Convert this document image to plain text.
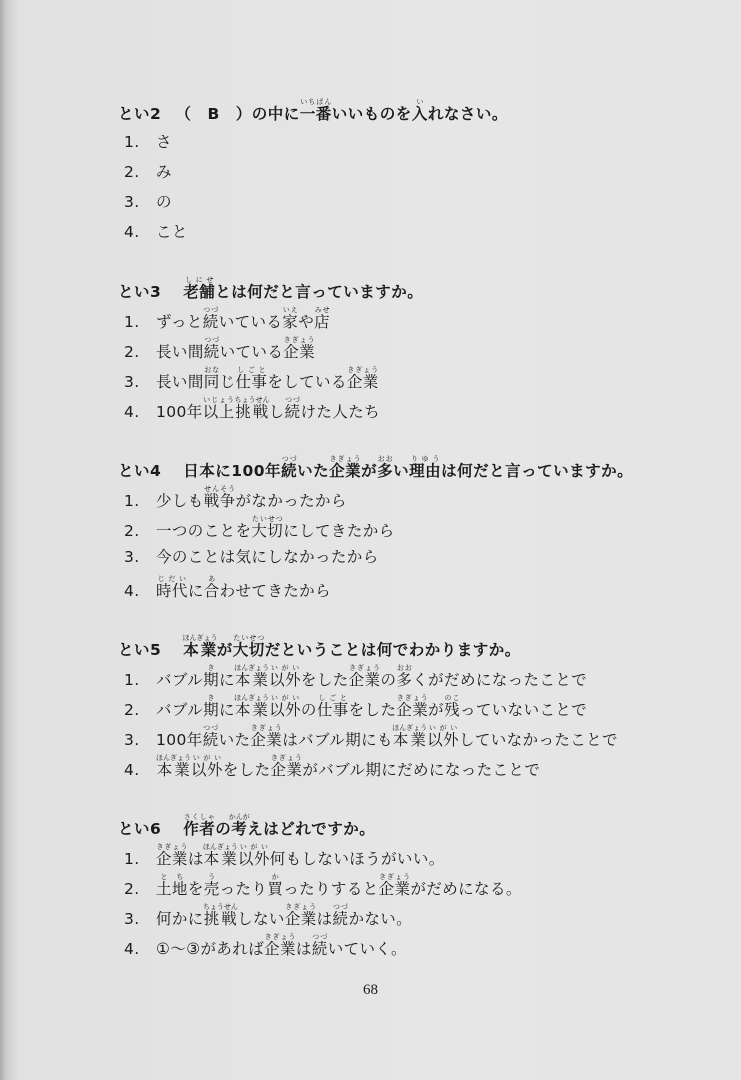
とい2 　（　B　）の中に一番いちばんいいものを入いれなさい。
1. さ
2. み
3. の
4. こと
とい3　 老舗しにせとは何だと言っていますか。
1. ずっと続つづいている家いえや店みせ
2. 長い間続つづいている企業きぎょう
3. 長い間同おなじ仕事しごとをしている企業きぎょう
4. 100年以上いじょう挑戦ちょうせんし続つづけた人たち
とい4　 日本に100年続つづいた企業きぎょうが多おおい理由りゆうは何だと言っていますか。
1. 少しも戦争せんそうがなかったから
2. 一つのことを大切たいせつにしてきたから
3. 今のことは気にしなかったから
4. 時代じだいに合あわせてきたから
とい5　 本業ほんぎょうが大切たいせつだということは何でわかりますか。
1. バブル期きに本業ほんぎょう以外いがいをした企業きぎょうの多おおくがだめになったことで
2. バブル期きに本業ほんぎょう以外いがいの仕事しごとをした企業きぎょうが残のこっていないことで
3. 100年続つづいた企業きぎょうはバブル期にも本業ほんぎょう以外いがいしていなかったことで
4. 本業ほんぎょう以外いがいをした企業きぎょうがバブル期にだめになったことで
とい6　 作者さくしゃの考かんがえはどれですか。
1. 企業きぎょうは本業ほんぎょう以外いがい何もしないほうがいい。
2. 土地とちを売うったり買かったりすると企業きぎょうがだめになる。
3. 何かに挑戦ちょうせんしない企業きぎょうは続つづかない。
4. ①～③があれば企業きぎょうは続つづいていく。
68
